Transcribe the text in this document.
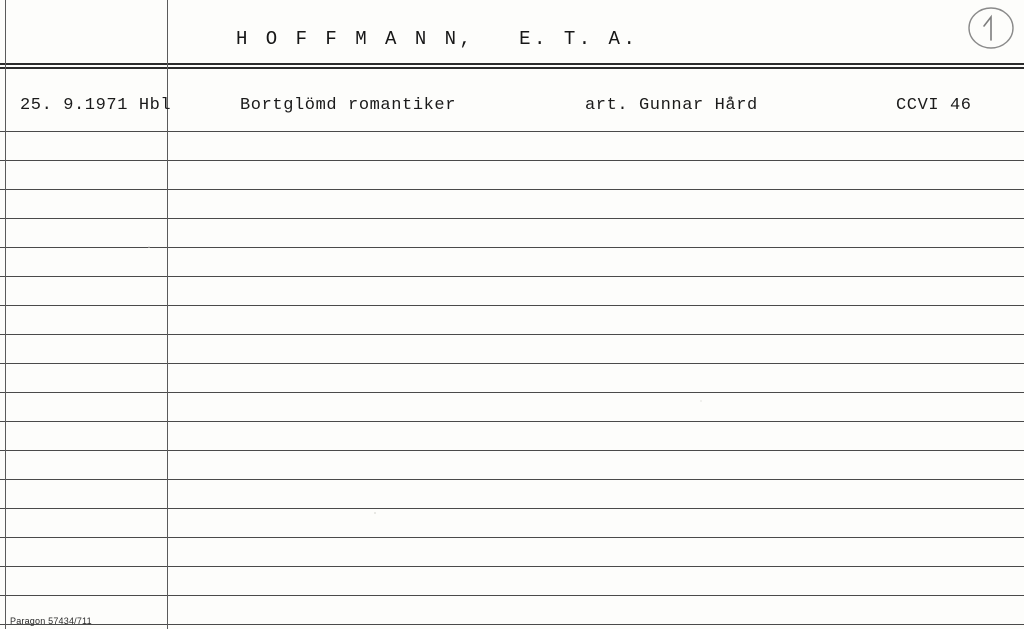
H O F F M A N N,   E. T. A.
25. 9.1971 Hbl	Bortglömd romantiker	art. Gunnar Hård	CCVI 46
Paragon 57434/711
